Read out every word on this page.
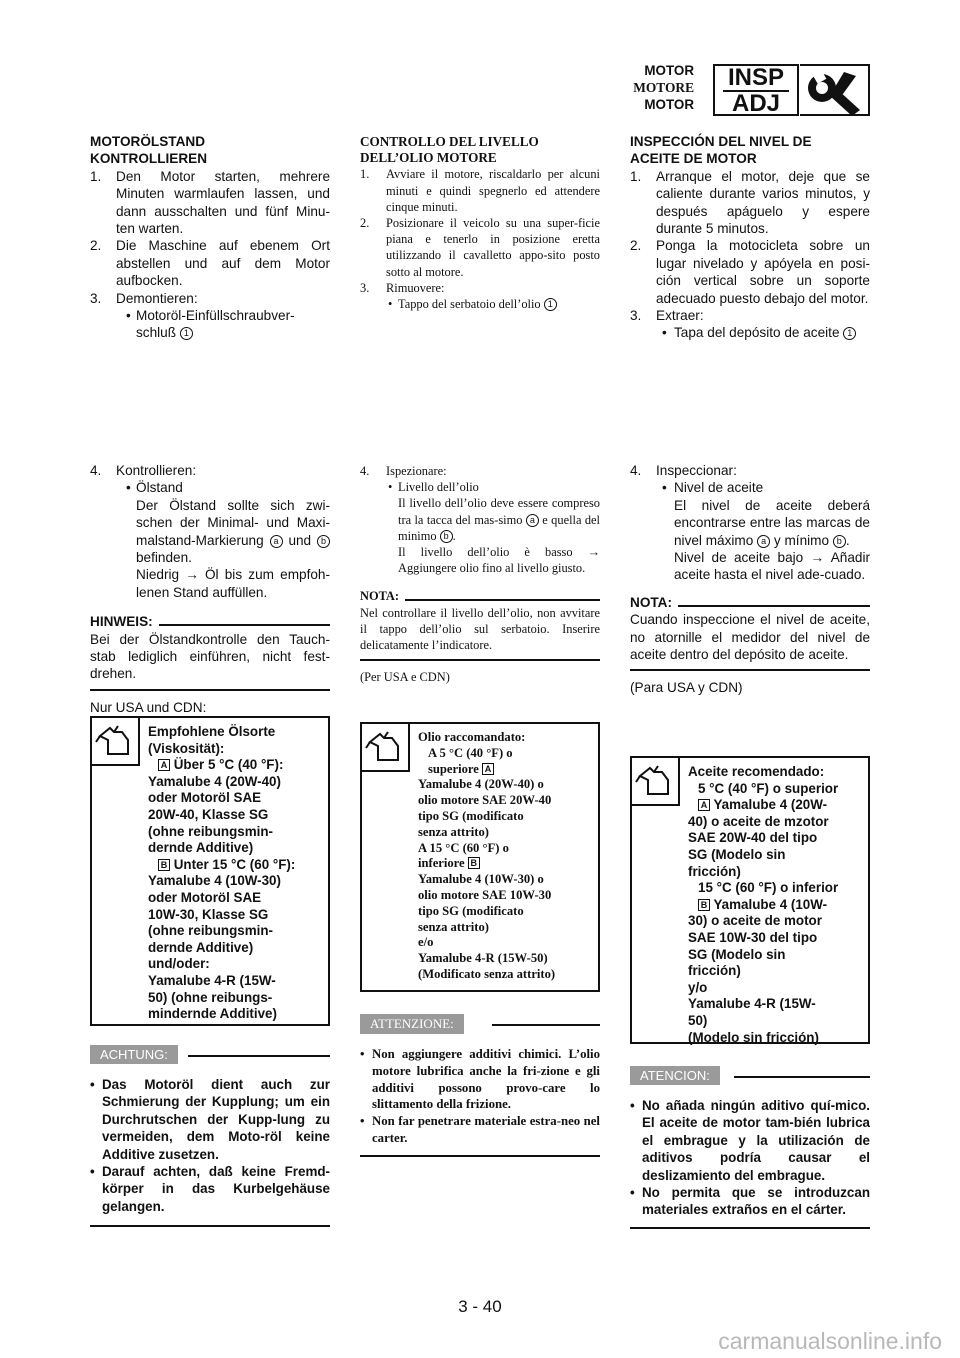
MOTOR
MOTORE
MOTOR
INSP
ADJ

MOTORÖLSTAND

KONTROLLIEREN

1. Den Motor starten, mehrere Minuten warmlaufen lassen, und dann ausschalten und fünf Minu-ten warten.
2. Die Maschine auf ebenem Ort abstellen und auf dem Motor aufbocken.
3. Demontieren:
• Motoröl-Einfüllschraubver-schluß 1

CONTROLLO DEL LIVELLO

DELL’OLIO MOTORE

1. Avviare il motore, riscaldarlo per alcuni minuti e quindi spegnerlo ed attendere cinque minuti.
2. Posizionare il veicolo su una super-ficie piana e tenerlo in posizione eretta utilizzando il cavalletto appo-sito posto sotto al motore.
3. Rimuovere:
• Tappo del serbatoio dell’olio 1

INSPECCIÓN DEL NIVEL DE

ACEITE DE MOTOR

1. Arranque el motor, deje que se caliente durante varios minutos, y después apáguelo y espere durante 5 minutos.
2. Ponga la motocicleta sobre un lugar nivelado y apóyela en posi-ción vertical sobre un soporte adecuado puesto debajo del motor.
3. Extraer:
• Tapa del depósito de aceite 1
4. Kontrollieren:
• Ölstand
Der Ölstand sollte sich zwi-schen der Minimal- und Maxi-malstand-Markierung a und b befinden.
Niedrig → Öl bis zum empfoh-lenen Stand auffüllen.
HINWEIS:
Bei der Ölstandkontrolle den Tauch-stab lediglich einführen, nicht fest-drehen.
Nur USA und CDN:
Empfohlene Ölsorte
(Viskosität):
A Über 5 °C (40 °F):
Yamalube 4 (20W-40)
oder Motoröl SAE
20W-40, Klasse SG
(ohne reibungsmin-
dernde Additive)
B Unter 15 °C (60 °F):
Yamalube 4 (10W-30)
oder Motoröl SAE
10W-30, Klasse SG
(ohne reibungsmin-
dernde Additive)
und/oder:
Yamalube 4-R (15W-
50) (ohne reibungs-
mindernde Additive)
ACHTUNG:
• Das Motoröl dient auch zur Schmierung der Kupplung; um ein Durchrutschen der Kupp-lung zu vermeiden, dem Moto-röl keine Additive zusetzen.
• Darauf achten, daß keine Fremd-körper in das Kurbelgehäuse gelangen.
4. Ispezionare:
• Livello dell’olio
Il livello dell’olio deve essere compreso tra la tacca del mas-simo a e quella del minimo b .
Il livello dell’olio è basso → Aggiungere olio fino al livello giusto.
NOTA:
Nel controllare il livello dell’olio, non avvitare il tappo dell’olio sul serbatoio. Inserire delicatamente l’indicatore.
(Per USA e CDN)
Olio raccomandato:
A 5 °C (40 °F) o
superiore A
Yamalube 4 (20W-40) o
olio motore SAE 20W-40
tipo SG (modificato
senza attrito)
A 15 °C (60 °F) o
inferiore B
Yamalube 4 (10W-30) o
olio motore SAE 10W-30
tipo SG (modificato
senza attrito)
e/o
Yamalube 4-R (15W-50)
(Modificato senza attrito)
ATTENZIONE:
• Non aggiungere additivi chimici. L’olio motore lubrifica anche la fri-zione e gli additivi possono provo-care lo slittamento della frizione.
• Non far penetrare materiale estra-neo nel carter.
4. Inspeccionar:
• Nivel de aceite
El nivel de aceite deberá encontrarse entre las marcas de nivel máximo a y mínimo b .
Nivel de aceite bajo → Añadir aceite hasta el nivel ade-cuado.
NOTA:
Cuando inspeccione el nivel de aceite, no atornille el medidor del nivel de aceite dentro del depósito de aceite.
(Para USA y CDN)
Aceite recomendado:
5 °C (40 °F) o superior
A Yamalube 4 (20W-
40) o aceite de mzotor
SAE 20W-40 del tipo
SG (Modelo sin
fricción)
15 °C (60 °F) o inferior
B Yamalube 4 (10W-
30) o aceite de motor
SAE 10W-30 del tipo
SG (Modelo sin
fricción)
y/o
Yamalube 4-R (15W-
50)
(Modelo sin fricción)
ATENCION:
• No añada ningún aditivo quí-mico. El aceite de motor tam-bién lubrica el embrague y la utilización de aditivos podría causar el deslizamiento del embrague.
• No permita que se introduzcan materiales extraños en el cárter.
3 - 40
carmanualsonline.info
